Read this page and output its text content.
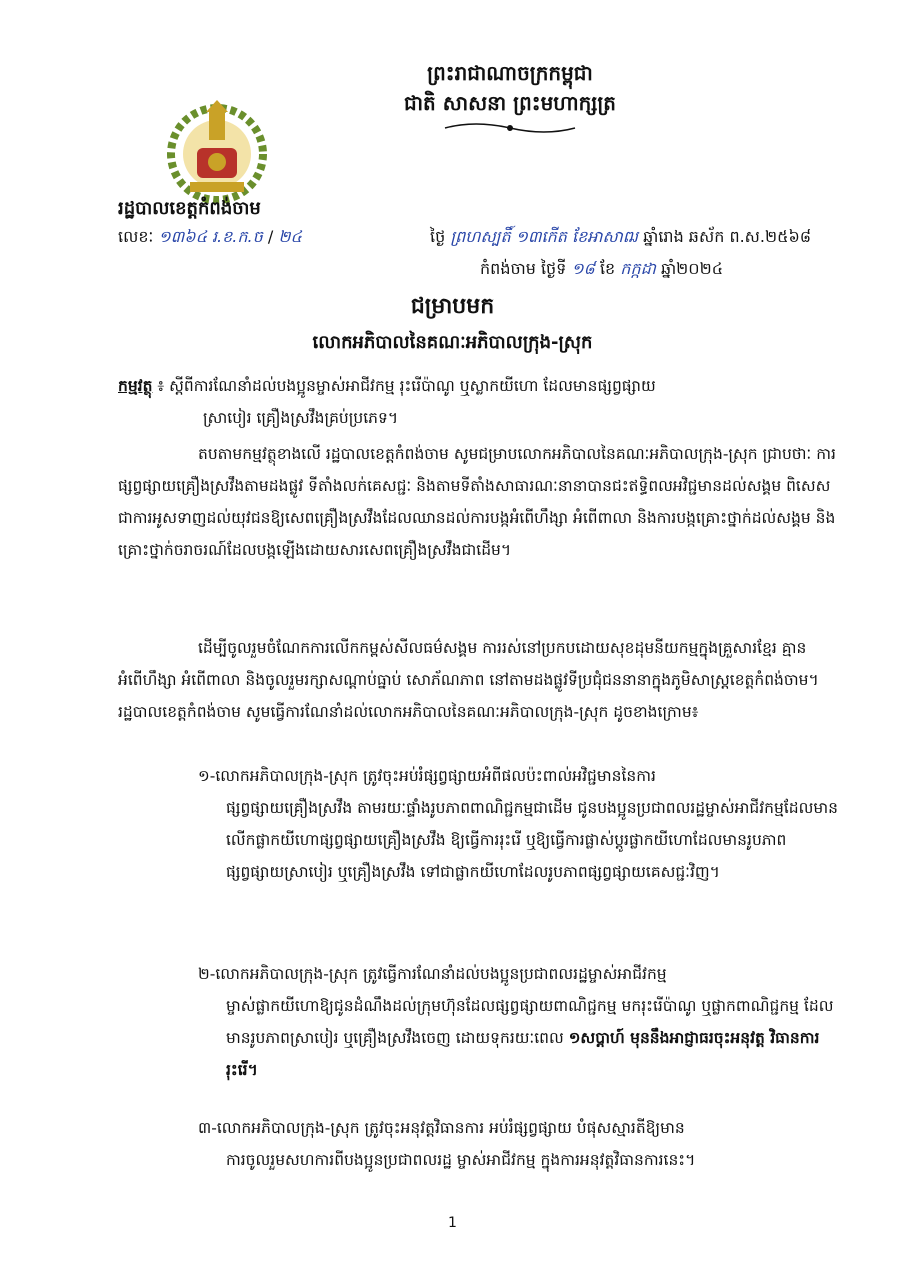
ព្រះរាជាណាចក្រកម្ពុជា
ជាតិ សាសនា ព្រះមហាក្សត្រ
រដ្ឋបាលខេត្តកំពង់ចាម
លេខៈ ១៣៦៤ រ.ខ.ក.ច / ២៤	ថ្ងៃ ព្រហស្បតិ៍ ១៣កើត ខែអាសាឍ ឆ្នាំរោង ឆស័ក ព.ស.២៥៦៨
កំពង់ចាម ថ្ងៃទី ១៨ ខែ កក្កដា ឆ្នាំ២០២៤
ជម្រាបមក
លោកអភិបាលនៃគណៈអភិបាលក្រុង-ស្រុក
កម្មវត្ថុ ៖ ស្តីពីការណែនាំដល់បងប្អូនម្ចាស់អាជីវកម្ម រុះរើប៉ាណូ ឬស្លាកយីហោ ដែលមានផ្សព្វផ្សាយ
ស្រាបៀរ គ្រឿងស្រវឹងគ្រប់ប្រភេទ។
តបតាមកម្មវត្ថុខាងលើ រដ្ឋបាលខេត្តកំពង់ចាម សូមជម្រាបលោកអភិបាលនៃគណៈអភិបាលក្រុង-ស្រុក ជ្រាបថាៈ ការផ្សព្វផ្សាយគ្រឿងស្រវឹងតាមដងផ្លូវ ទីតាំងលក់គេសជ្ជៈ និងតាមទីតាំងសាធារណៈនានាបានជះឥទ្ធិពលអវិជ្ជមានដល់សង្គម ពិសេសជាការអូសទាញដល់យុវជនឱ្យសេពគ្រឿងស្រវឹងដែលឈានដល់ការបង្កអំពើហឹង្សា អំពើពាលា និងការបង្កគ្រោះថ្នាក់ដល់សង្គម និងគ្រោះថ្នាក់ចរាចរណ៍ដែលបង្កឡើងដោយសារសេពគ្រឿងស្រវឹងជាដើម។
ដើម្បីចូលរួមចំណែកការលើកកម្ពស់សីលធម៌សង្គម ការរស់នៅប្រកបដោយសុខដុមនីយកម្មក្នុងគ្រួសារខ្មែរ គ្មានអំពើហឹង្សា អំពើពាលា និងចូលរួមរក្សាសណ្តាប់ធ្នាប់ សោភ័ណភាព នៅតាមដងផ្លូវទីប្រជុំជននានាក្នុងភូមិសាស្ត្រខេត្តកំពង់ចាម។ រដ្ឋបាលខេត្តកំពង់ចាម សូមធ្វើការណែនាំដល់លោកអភិបាលនៃគណៈអភិបាលក្រុង-ស្រុក ដូចខាងក្រោម៖
១-លោកអភិបាលក្រុង-ស្រុក ត្រូវចុះអប់រំផ្សព្វផ្សាយអំពីផលប៉ះពាល់អវិជ្ជមាននៃការ
ផ្សព្វផ្សាយគ្រឿងស្រវឹង តាមរយៈផ្ទាំងរូបភាពពាណិជ្ជកម្មជាដើម ជូនបងប្អូនប្រជាពលរដ្ឋម្ចាស់អាជីវកម្មដែលមានលើកផ្លាកយីហោផ្សព្វផ្សាយគ្រឿងស្រវឹង ឱ្យធ្វើការរុះរើ ឬឱ្យធ្វើការផ្លាស់ប្តូរផ្លាកយីហោដែលមានរូបភាពផ្សព្វផ្សាយស្រាបៀរ ឬគ្រឿងស្រវឹង ទៅជាផ្លាកយីហោដែលរូបភាពផ្សព្វផ្សាយគេសជ្ជៈវិញ។
២-លោកអភិបាលក្រុង-ស្រុក ត្រូវធ្វើការណែនាំដល់បងប្អូនប្រជាពលរដ្ឋម្ចាស់អាជីវកម្ម
ម្ចាស់ផ្លាកយីហោឱ្យជូនដំណឹងដល់ក្រុមហ៊ុនដែលផ្សព្វផ្សាយពាណិជ្ជកម្ម មករុះរើប៉ាណូ ឬផ្លាកពាណិជ្ជកម្ម ដែលមានរូបភាពស្រាបៀរ ឬគ្រឿងស្រវឹងចេញ ដោយទុករយៈពេល ១សប្តាហ៍ មុននឹងអាជ្ញាធរចុះអនុវត្ត វិធានការរុះរើ។
៣-លោកអភិបាលក្រុង-ស្រុក ត្រូវចុះអនុវត្តវិធានការ អប់រំផ្សព្វផ្សាយ បំផុសស្មារតីឱ្យមាន
ការចូលរួមសហការពីបងប្អូនប្រជាពលរដ្ឋ ម្ចាស់អាជីវកម្ម ក្នុងការអនុវត្តវិធានការនេះ។
1
